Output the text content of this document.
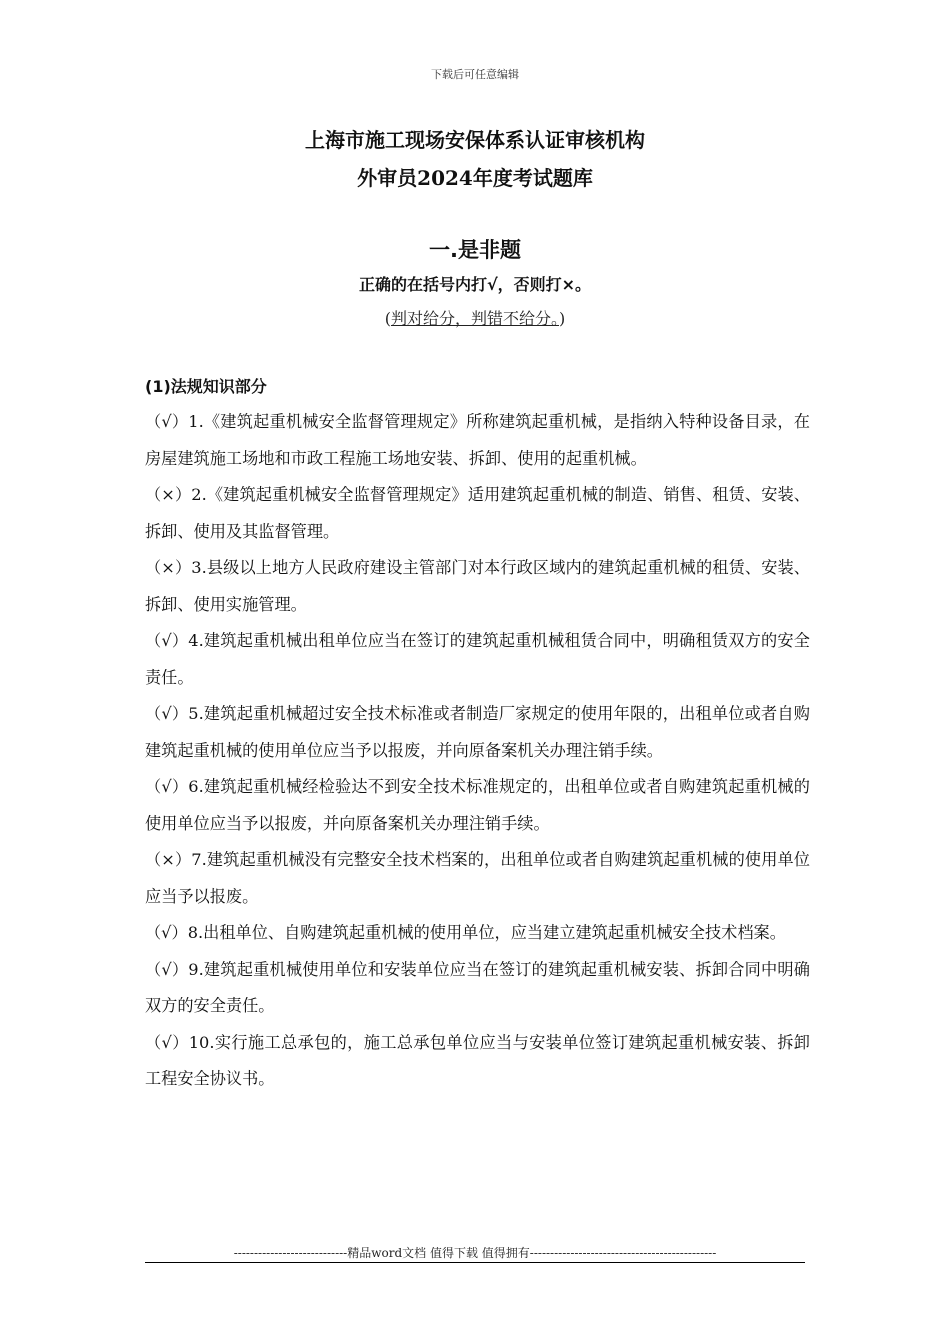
下载后可任意编辑
上海市施工现场安保体系认证审核机构
外审员2024年度考试题库
一.是非题
正确的在括号内打√，否则打×。
(判对给分，判错不给分。)
(1)法规知识部分

（√）1.《建筑起重机械安全监督管理规定》所称建筑起重机械，是指纳入特种设备目录，在房屋建筑施工场地和市政工程施工场地安装、拆卸、使用的起重机械。

（×）2.《建筑起重机械安全监督管理规定》适用建筑起重机械的制造、销售、租赁、安装、拆卸、使用及其监督管理。

（×）3.县级以上地方人民政府建设主管部门对本行政区域内的建筑起重机械的租赁、安装、拆卸、使用实施管理。

（√）4.建筑起重机械出租单位应当在签订的建筑起重机械租赁合同中，明确租赁双方的安全责任。

（√）5.建筑起重机械超过安全技术标准或者制造厂家规定的使用年限的，出租单位或者自购建筑起重机械的使用单位应当予以报废，并向原备案机关办理注销手续。

（√）6.建筑起重机械经检验达不到安全技术标准规定的，出租单位或者自购建筑起重机械的使用单位应当予以报废，并向原备案机关办理注销手续。

（×）7.建筑起重机械没有完整安全技术档案的，出租单位或者自购建筑起重机械的使用单位应当予以报废。

（√）8.出租单位、自购建筑起重机械的使用单位，应当建立建筑起重机械安全技术档案。

（√）9.建筑起重机械使用单位和安装单位应当在签订的建筑起重机械安装、拆卸合同中明确双方的安全责任。

（√）10.实行施工总承包的，施工总承包单位应当与安装单位签订建筑起重机械安装、拆卸工程安全协议书。

----------------------------精品word文档 值得下载 值得拥有----------------------------------------------
